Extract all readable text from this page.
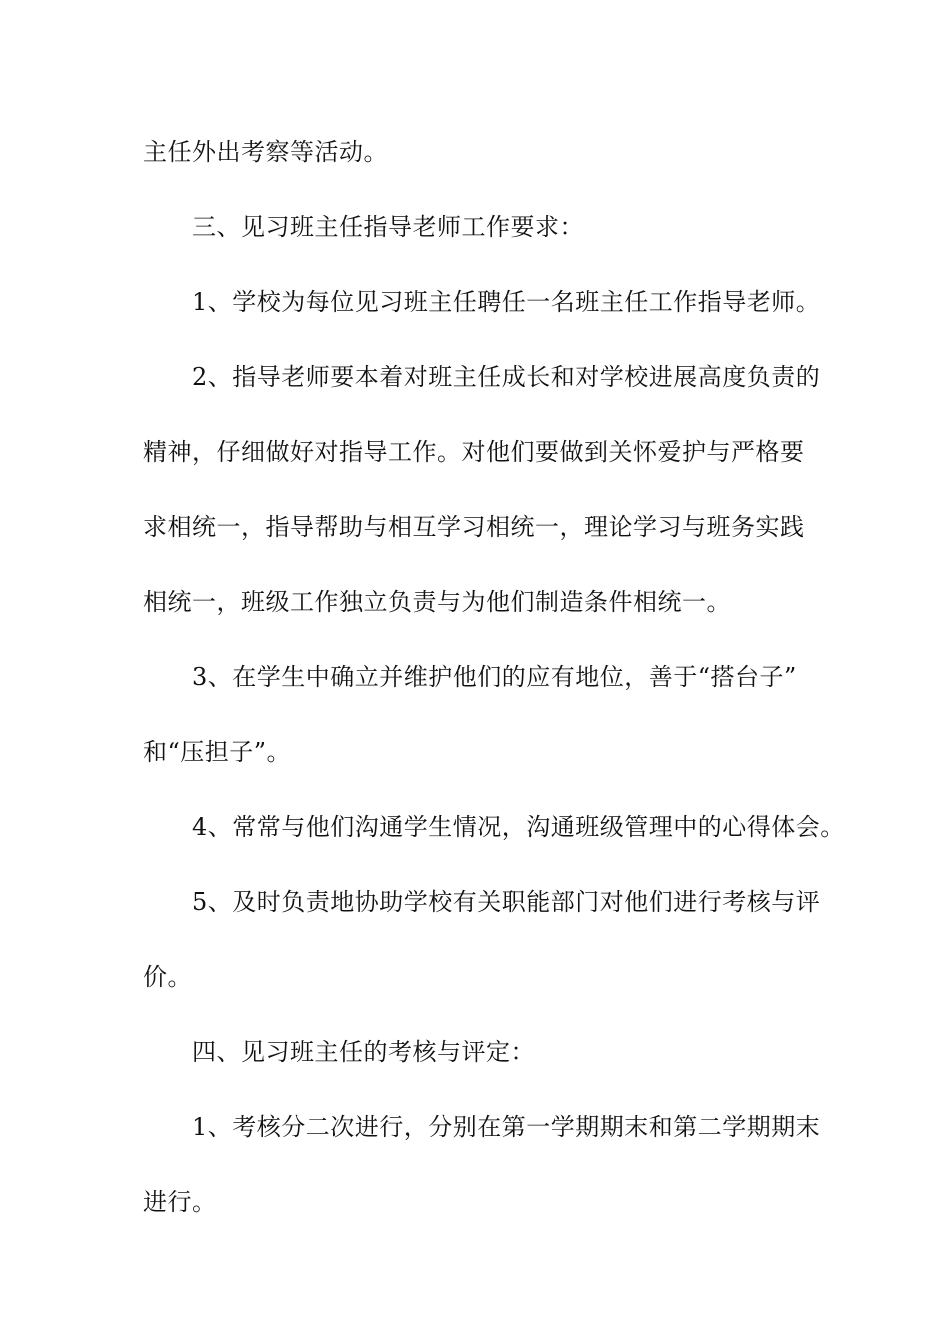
主任外出考察等活动。
三、见习班主任指导老师工作要求：
1、学校为每位见习班主任聘任一名班主任工作指导老师。
2、指导老师要本着对班主任成长和对学校进展高度负责的
精神，仔细做好对指导工作。对他们要做到关怀爱护与严格要
求相统一，指导帮助与相互学习相统一，理论学习与班务实践
相统一，班级工作独立负责与为他们制造条件相统一。
3、在学生中确立并维护他们的应有地位，善于“搭台子”
和“压担子”。
4、常常与他们沟通学生情况，沟通班级管理中的心得体会。
5、及时负责地协助学校有关职能部门对他们进行考核与评
价。
四、见习班主任的考核与评定：
1、考核分二次进行，分别在第一学期期末和第二学期期末
进行。
